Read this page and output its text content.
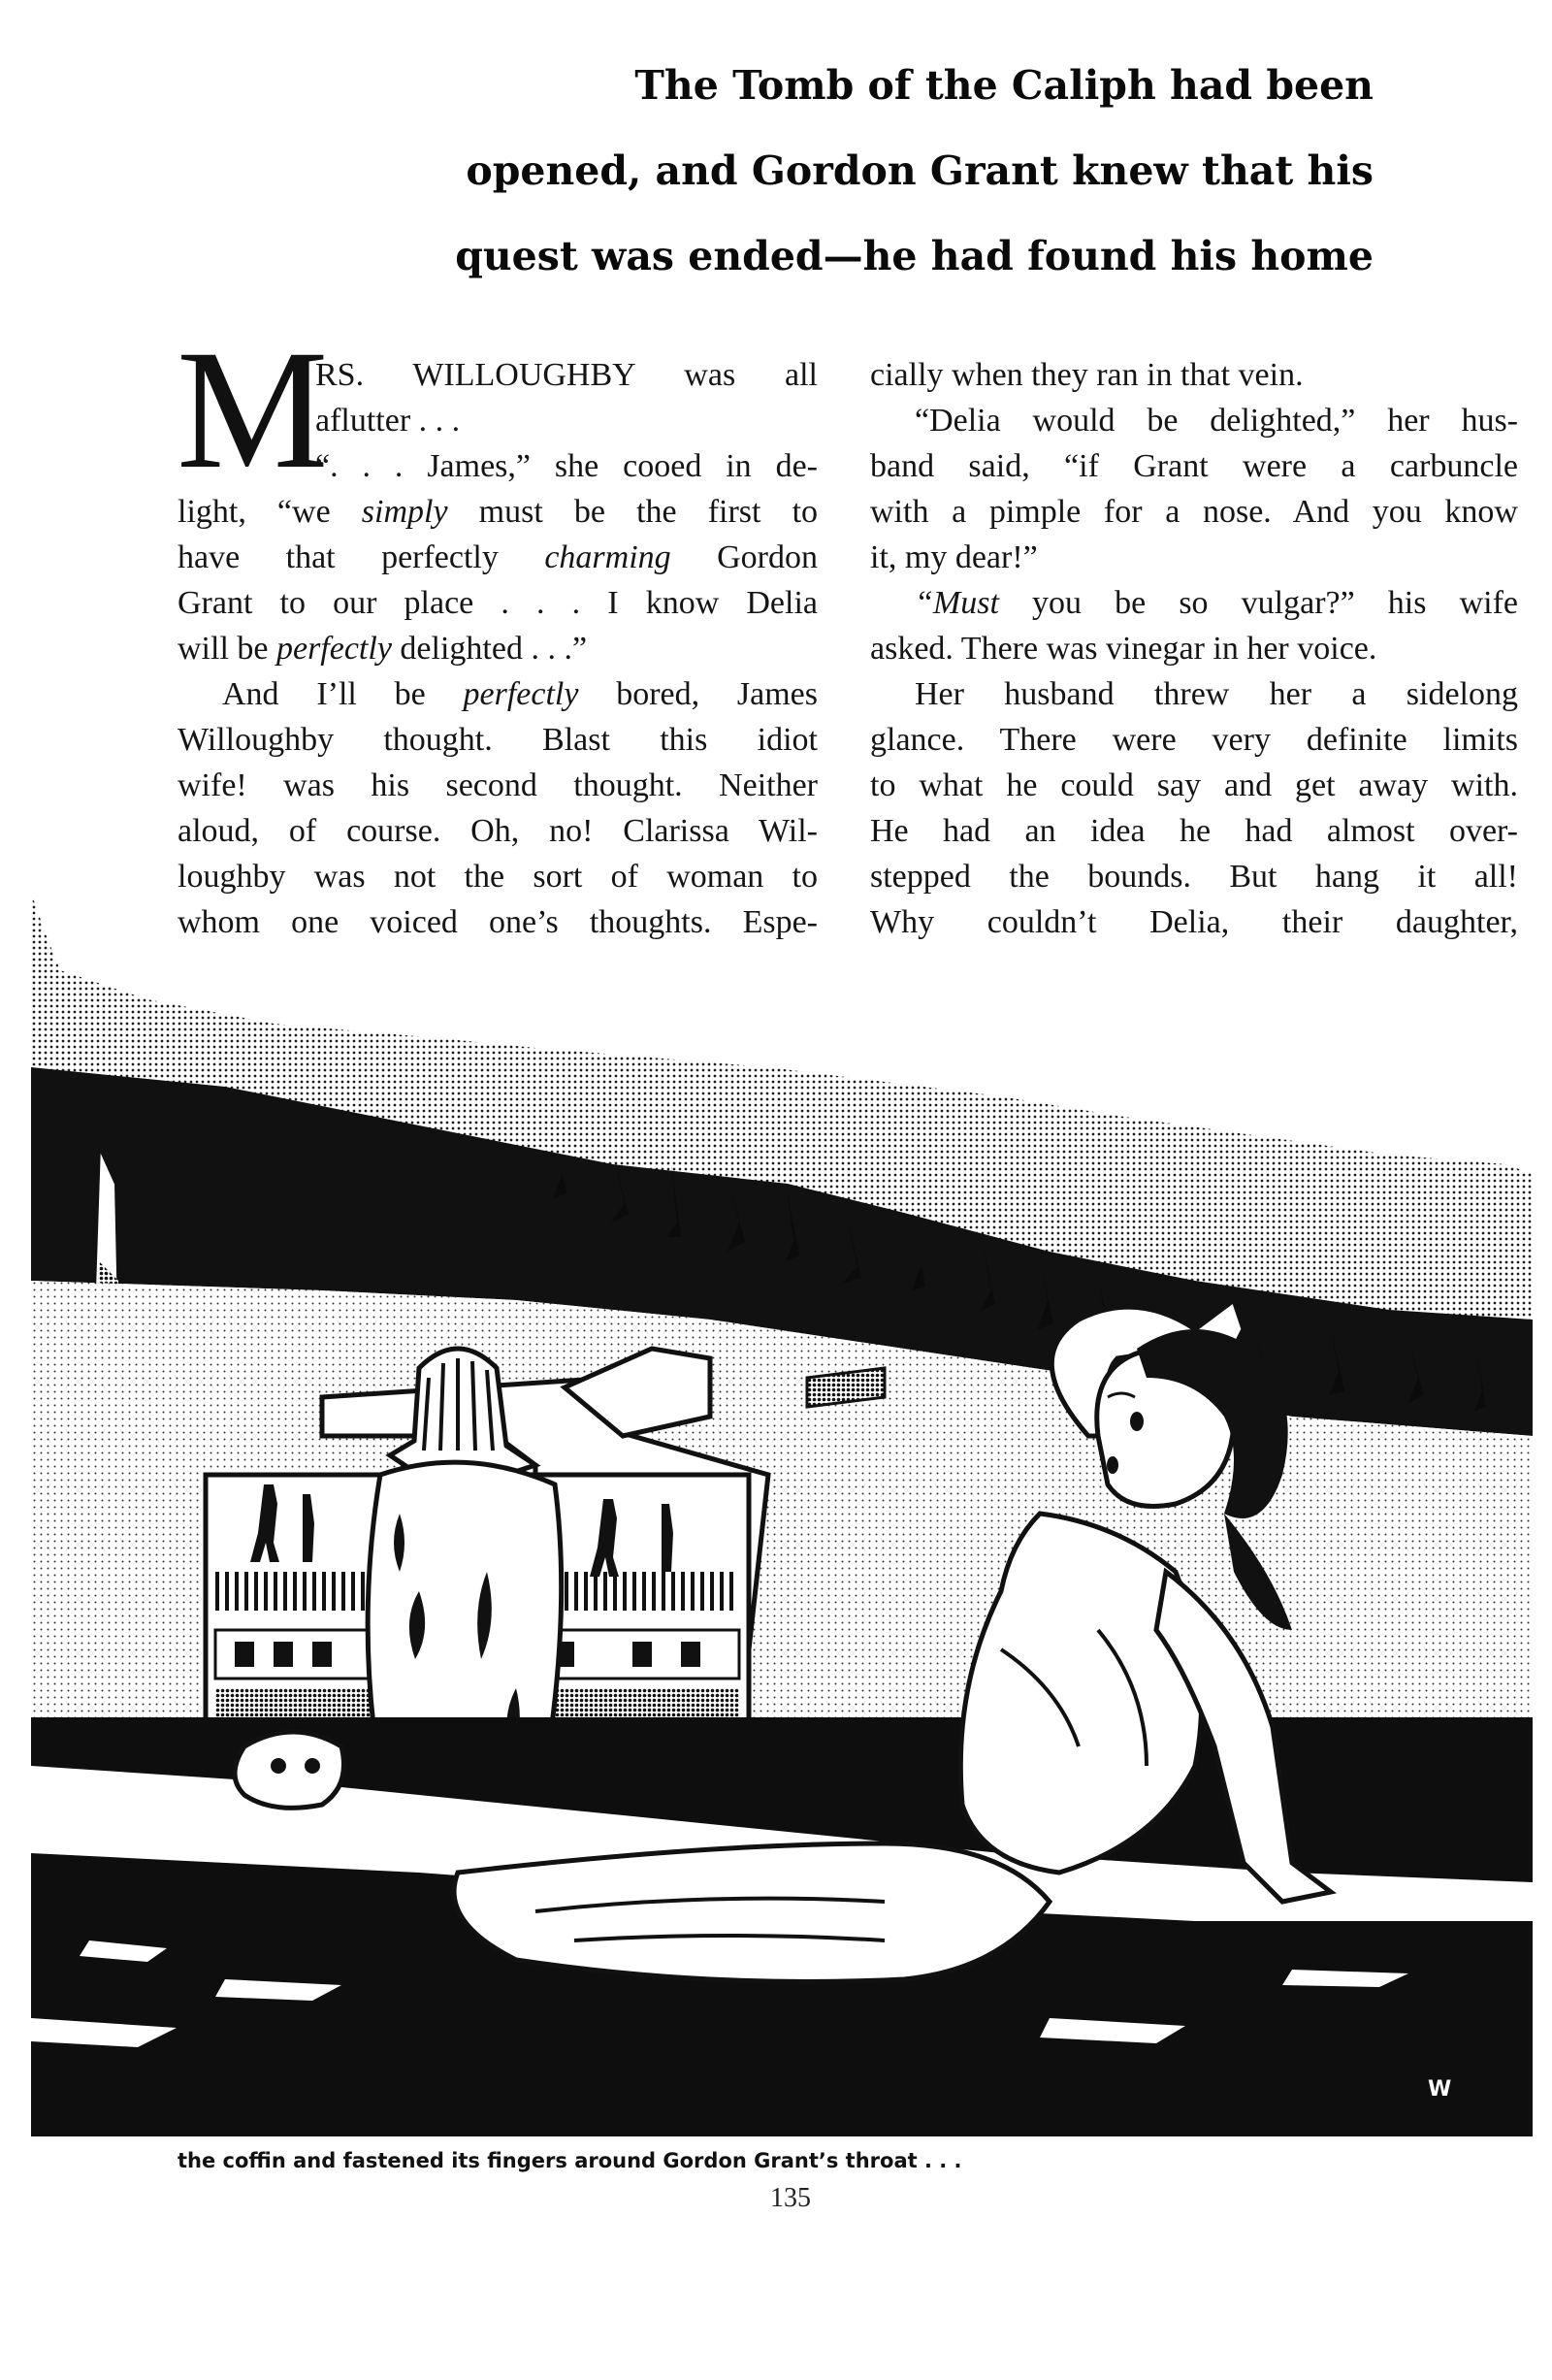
The Tomb of the Caliph had been
opened, and Gordon Grant knew that his
quest was ended—he had found his home
M
RS. WILLOUGHBY was all
aflutter . . .
“. . . James,” she cooed in de-
light, “we simply must be the first to
have that perfectly charming Gordon
Grant to our place . . . I know Delia
will be perfectly delighted . . .”
And I’ll be perfectly bored, James
Willoughby thought. Blast this idiot
wife! was his second thought. Neither
aloud, of course. Oh, no! Clarissa Wil-
loughby was not the sort of woman to
whom one voiced one’s thoughts. Espe-
cially when they ran in that vein.
“Delia would be delighted,” her hus-
band said, “if Grant were a carbuncle
with a pimple for a nose. And you know
it, my dear!”
“Must you be so vulgar?” his wife
asked. There was vinegar in her voice.
Her husband threw her a sidelong
glance. There were very definite limits
to what he could say and get away with.
He had an idea he had almost over-
stepped the bounds. But hang it all!
Why couldn’t Delia, their daughter,
W
the coffin and fastened its fingers around Gordon Grant’s throat . . .
135
